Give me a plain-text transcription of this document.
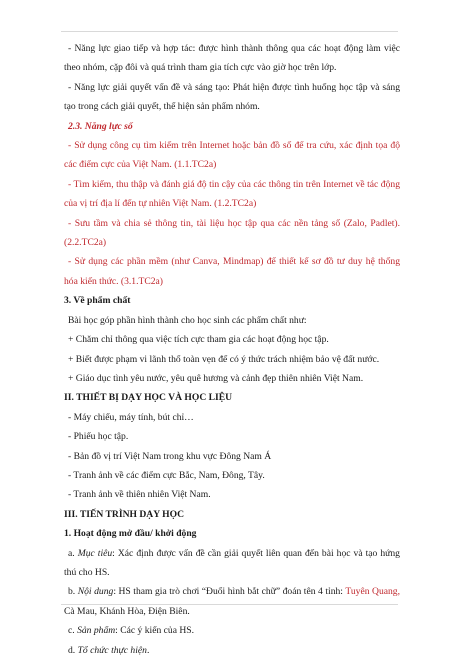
- Năng lực giao tiếp và hợp tác: được hình thành thông qua các hoạt động làm việc theo nhóm, cặp đôi và quá trình tham gia tích cực vào giờ học trên lớp.

- Năng lực giải quyết vấn đề và sáng tạo: Phát hiện được tình huống học tập và sáng tạo trong cách giải quyết, thể hiện sản phẩm nhóm.

2.3. Năng lực số

- Sử dụng công cụ tìm kiếm trên Internet hoặc bản đồ số để tra cứu, xác định tọa độ các điểm cực của Việt Nam. (1.1.TC2a)

- Tìm kiếm, thu thập và đánh giá độ tin cậy của các thông tin trên Internet về tác động của vị trí địa lí đến tự nhiên Việt Nam. (1.2.TC2a)

- Sưu tầm và chia sẻ thông tin, tài liệu học tập qua các nền tảng số (Zalo, Padlet). (2.2.TC2a)

- Sử dụng các phần mềm (như Canva, Mindmap) để thiết kế sơ đồ tư duy hệ thống hóa kiến thức. (3.1.TC2a)

3. Về phẩm chất

Bài học góp phần hình thành cho học sinh các phẩm chất như:

+ Chăm chỉ thông qua việc tích cực tham gia các hoạt động học tập.

+ Biết được phạm vi lãnh thổ toàn vẹn để có ý thức trách nhiệm bảo vệ đất nước.

+ Giáo dục tình yêu nước, yêu quê hương và cảnh đẹp thiên nhiên Việt Nam.

II. THIẾT BỊ DẠY HỌC VÀ HỌC LIỆU

- Máy chiếu, máy tính, bút chỉ…

- Phiếu học tập.

- Bản đồ vị trí Việt Nam trong khu vực Đông Nam Á

- Tranh ảnh về các điểm cực Bắc, Nam, Đông, Tây.

- Tranh ảnh về thiên nhiên Việt Nam.

III. TIẾN TRÌNH DẠY HỌC

1. Hoạt động mở đầu/ khởi động

a. Mục tiêu: Xác định được vấn đề cần giải quyết liên quan đến bài học và tạo hứng thú cho HS.

b. Nội dung: HS tham gia trò chơi “Đuổi hình bắt chữ” đoán tên 4 tỉnh: Tuyên Quang, Cà Mau, Khánh Hòa, Điện Biên.

c. Sản phẩm: Các ý kiến của HS.

d. Tổ chức thực hiện.
